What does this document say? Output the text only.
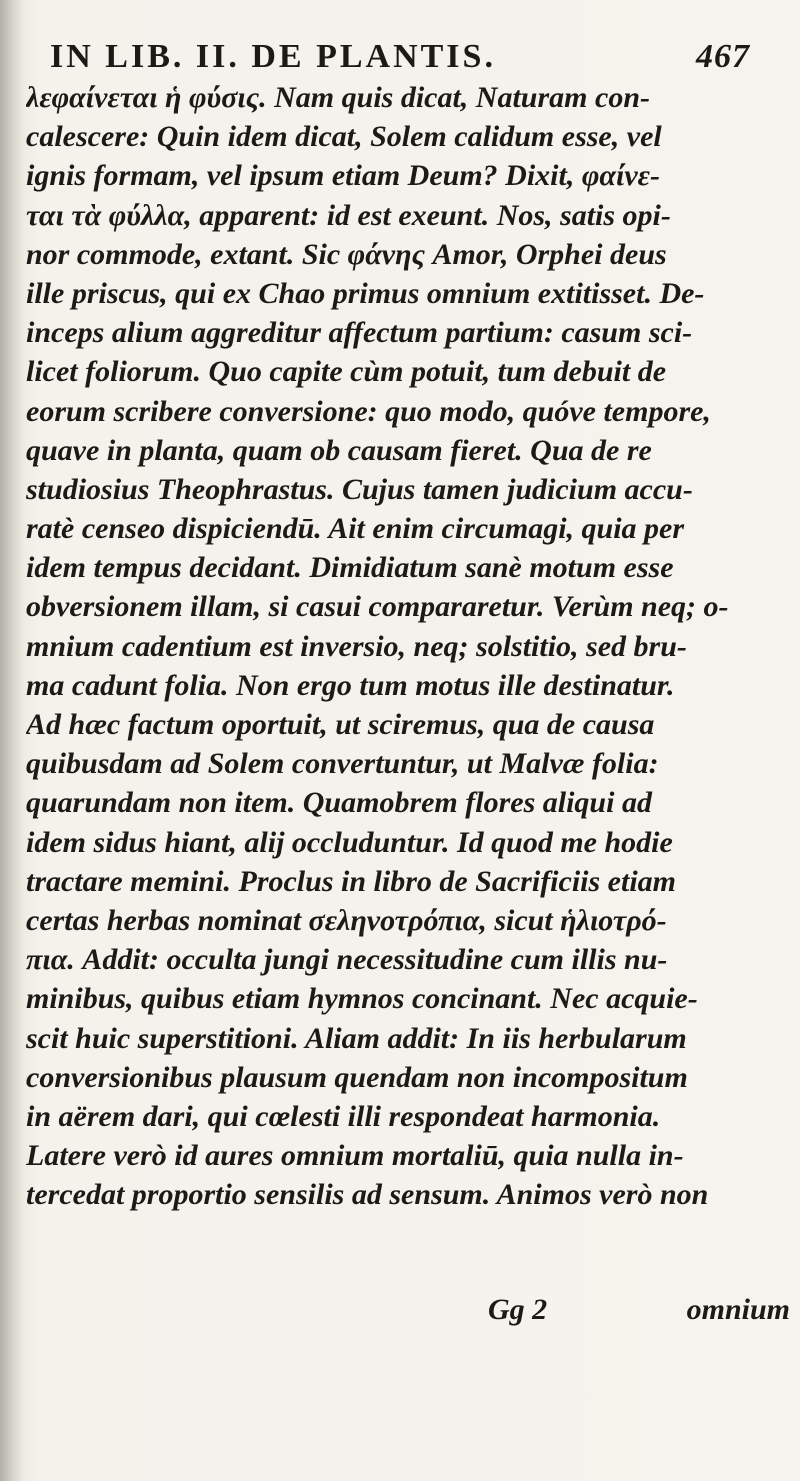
IN LIB. II. DE PLANTIS.	467
λεφαίνεται ἡ φύσις. Nam quis dicat, Naturam con-
calescere: Quin idem dicat, Solem calidum esse, vel
ignis formam, vel ipsum etiam Deum? Dixit, φαίνε-
ται τὰ φύλλα, apparent: id est exeunt. Nos, satis opi-
nor commode, extant. Sic φάνης Amor, Orphei deus
ille priscus, qui ex Chao primus omnium extitisset. De-
inceps alium aggreditur affectum partium: casum sci-
licet foliorum. Quo capite cùm potuit, tum debuit de
eorum scribere conversione: quo modo, quóve tempore,
quave in planta, quam ob causam fieret. Qua de re
studiosius Theophrastus. Cujus tamen judicium accu-
ratè censeo dispiciendū. Ait enim circumagi, quia per
idem tempus decidant. Dimidiatum sanè motum esse
obversionem illam, si casui compararetur. Verùm neq; o-
mnium cadentium est inversio, neq; solstitio, sed bru-
ma cadunt folia. Non ergo tum motus ille destinatur.
Ad hæc factum oportuit, ut sciremus, qua de causa
quibusdam ad Solem convertuntur, ut Malvæ folia:
quarundam non item. Quamobrem flores aliqui ad
idem sidus hiant, alij occluduntur. Id quod me hodie
tractare memini. Proclus in libro de Sacrificiis etiam
certas herbas nominat σεληνοτρόπια, sicut ἡλιοτρό-
πια. Addit: occulta jungi necessitudine cum illis nu-
minibus, quibus etiam hymnos concinant. Nec acquie-
scit huic superstitioni. Aliam addit: In iis herbularum
conversionibus plausum quendam non incompositum
in aërem dari, qui cœlesti illi respondeat harmonia.
Latere verò id aures omnium mortaliū, quia nulla in-
tercedat proportio sensilis ad sensum. Animos verò non
Gg 2	omnium
